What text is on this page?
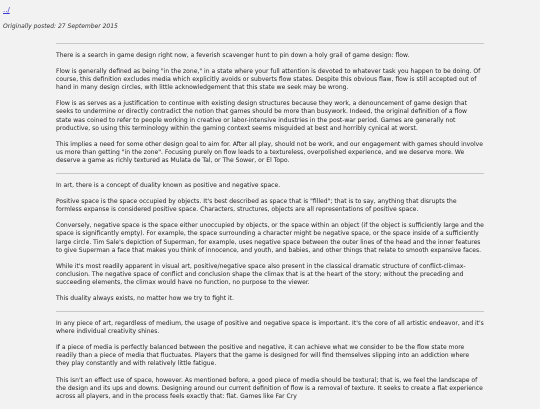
../
Originally posted: 27 September 2015

There is a search in game design right now, a feverish scavenger hunt to pin down a holy grail of game design: flow.

Flow is generally defined as being "in the zone," in a state where your full attention is devoted to whatever task you happen to be doing. Of course, this definition excludes media which explicitly avoids or subverts flow states. Despite this obvious flaw, flow is still accepted out of hand in many design circles, with little acknowledgement that this state we seek may be wrong.

Flow is as serves as a justification to continue with existing design structures because they work, a denouncement of game design that seeks to undermine or directly contradict the notion that games should be more than busywork. Indeed, the original definition of a flow state was coined to refer to people working in creative or labor-intensive industries in the post-war period. Games are generally not productive, so using this terminology within the gaming context seems misguided at best and horribly cynical at worst.

This implies a need for some other design goal to aim for. After all play, should not be work, and our engagement with games should involve us more than getting "in the zone". Focusing purely on flow leads to a textureless, overpolished experience, and we deserve more. We deserve a game as richly textured as Mulata de Tal, or The Sower, or El Topo.

In art, there is a concept of duality known as positive and negative space.

Positive space is the space occupied by objects. It's best described as space that is "filled"; that is to say, anything that disrupts the formless expanse is considered positive space. Characters, structures, objects are all representations of positive space.

Conversely, negative space is the space either unoccupied by objects, or the space within an object (if the object is sufficiently large and the space is significantly empty). For example, the space surrounding a character might be negative space, or the space inside of a sufficiently large circle. Tim Sale's depiction of Superman, for example, uses negative space between the outer lines of the head and the inner features to give Superman a face that makes you think of innocence, and youth, and babies, and other things that relate to smooth expansive faces.

While it's most readily apparent in visual art, positive/negative space also present in the classical dramatic structure of conflict-climax-conclusion. The negative space of conflict and conclusion shape the climax that is at the heart of the story; without the preceding and succeeding elements, the climax would have no function, no purpose to the viewer.

This duality always exists, no matter how we try to fight it.

In any piece of art, regardless of medium, the usage of positive and negative space is important. It's the core of all artistic endeavor, and it's where individual creativity shines.

If a piece of media is perfectly balanced between the positive and negative, it can achieve what we consider to be the flow state more readily than a piece of media that fluctuates. Players that the game is designed for will find themselves slipping into an addiction where they play constantly and with relatively little fatigue.

This isn't an effect use of space, however. As mentioned before, a good piece of media should be textural; that is, we feel the landscape of the design and its ups and downs. Designing around our current definition of flow is a removal of texture. It seeks to create a flat experience across all players, and in the process feels exactly that: flat. Games like Far Cry
